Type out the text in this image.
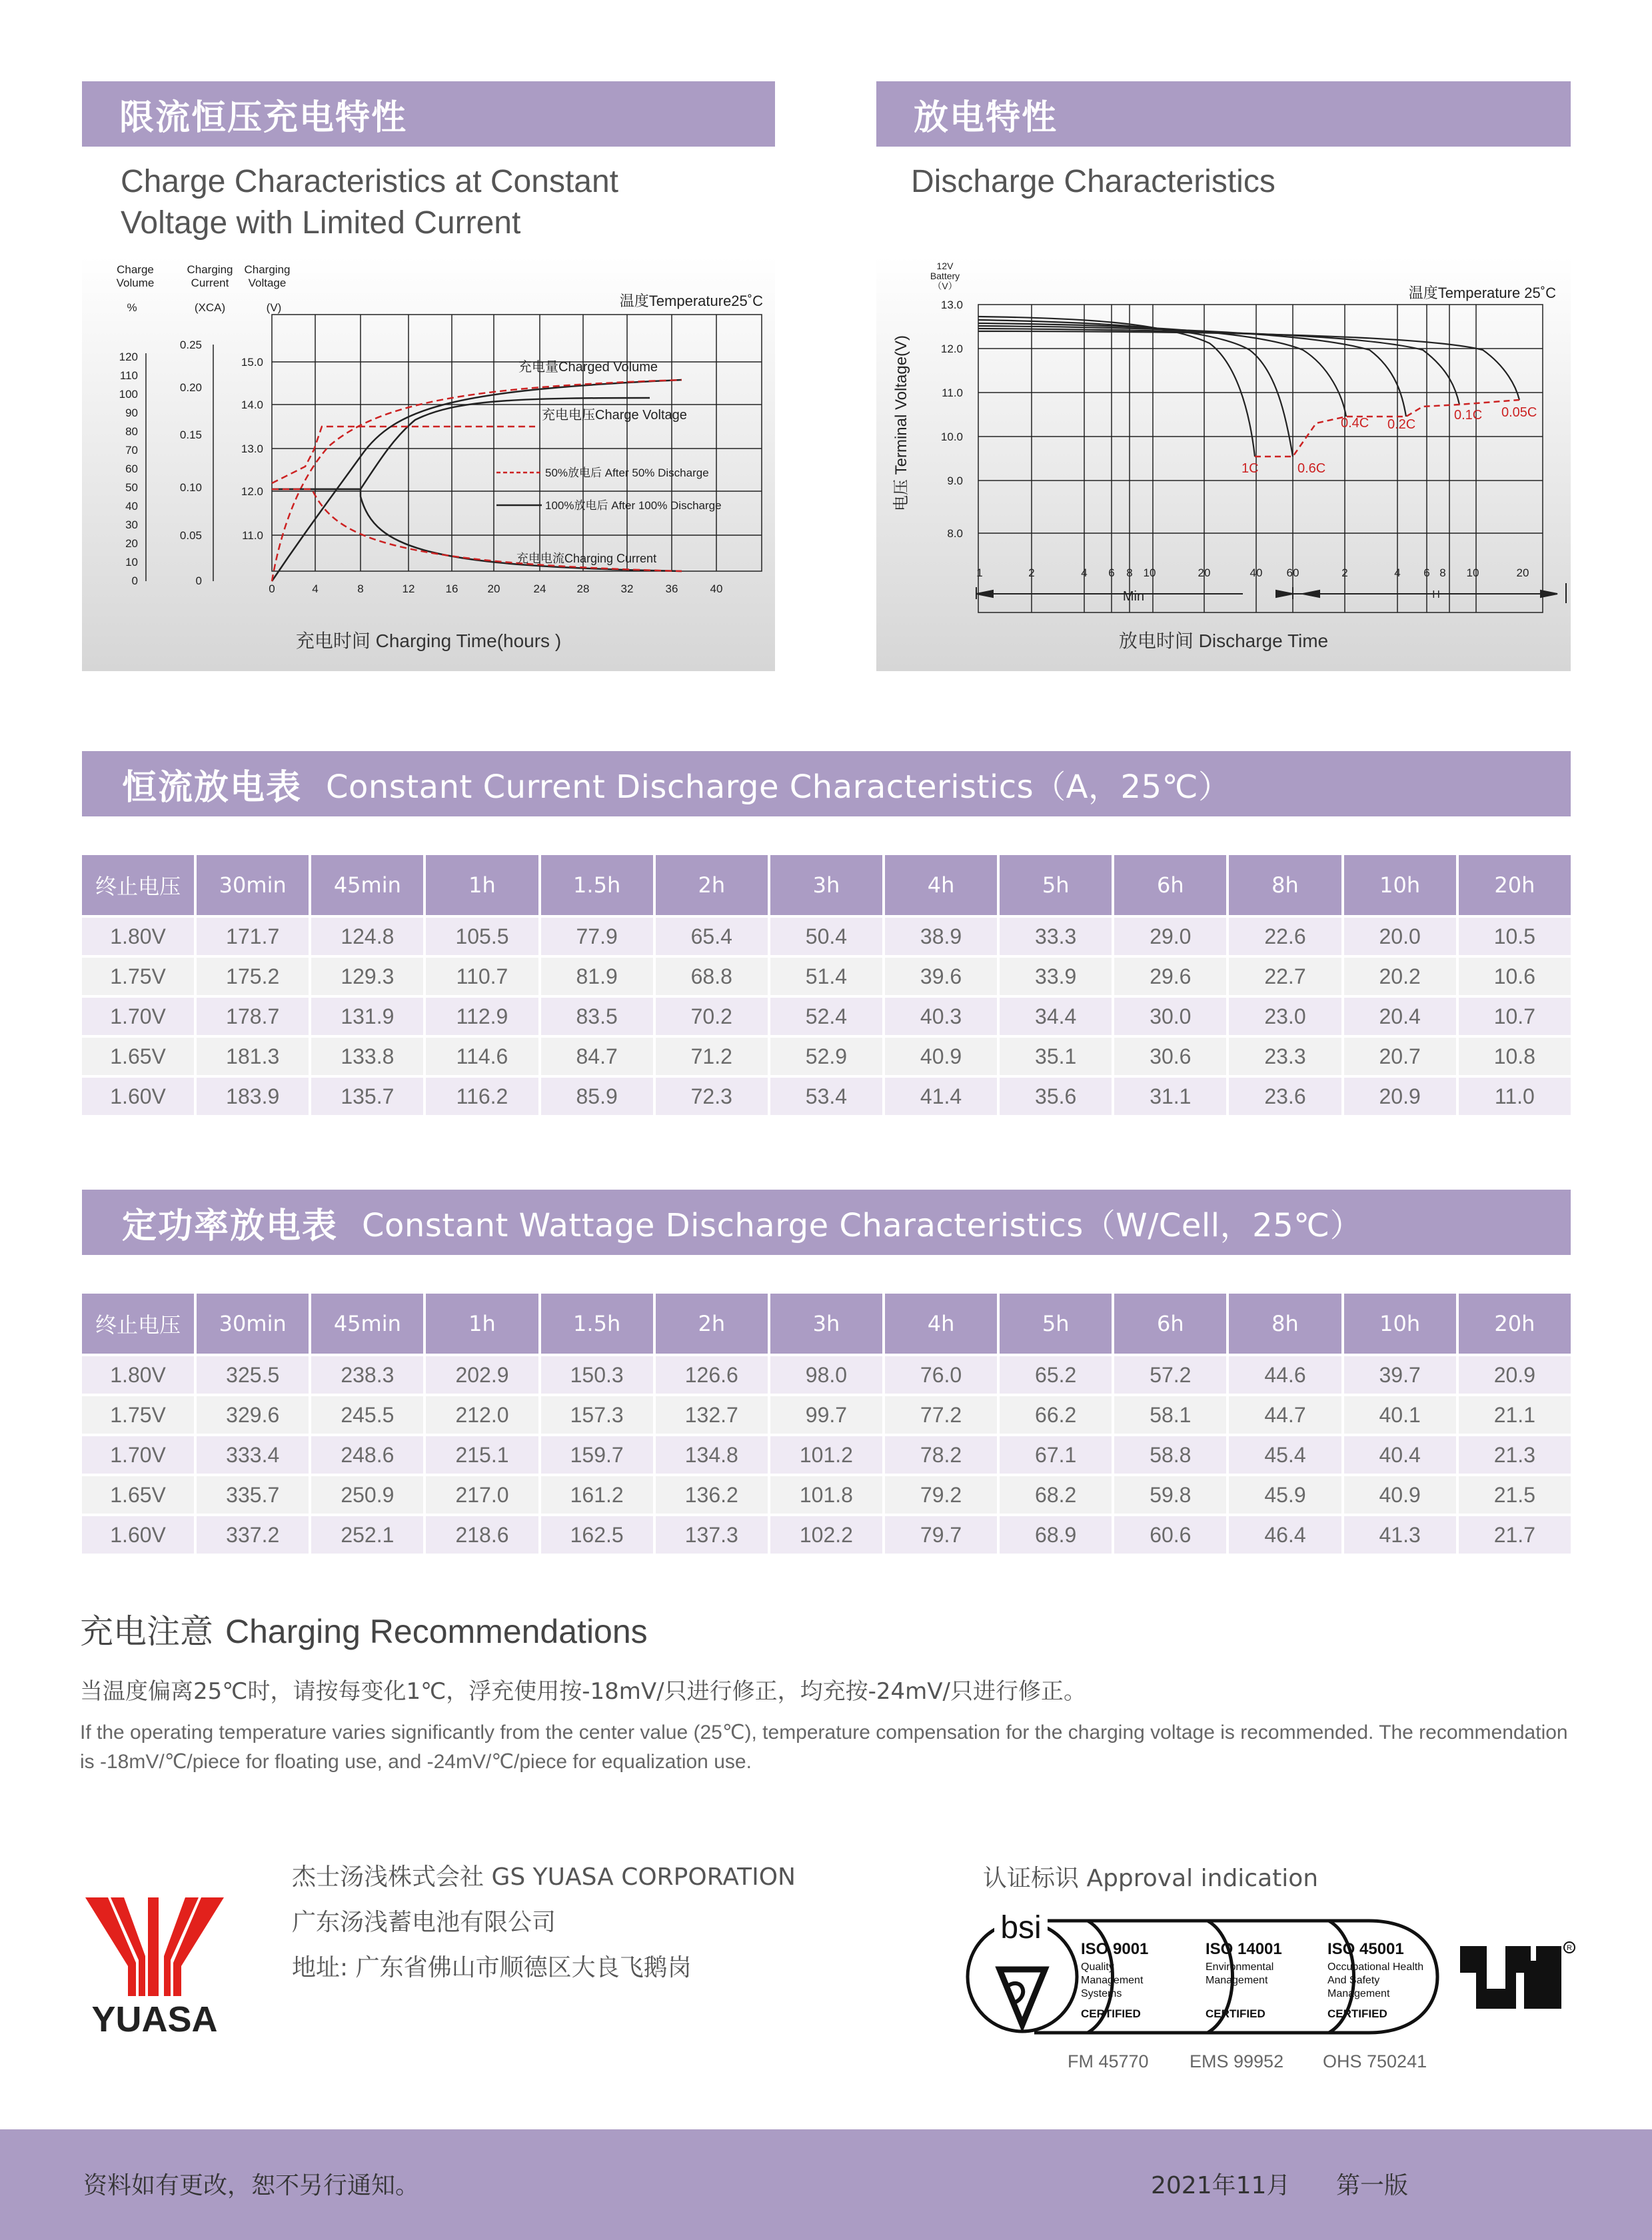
限流恒压充电特性	放电特性
Charge Characteristics at Constant
Voltage with Limited Current
Discharge Characteristics
Charge
Volume
Charging
Current
Charging
Voltage
%	(XCA)	(V)	温度Temperature25˚C
120
110
100
90
80
70
60
50
40
30
20
10
0
0.25
0.20
0.15
0.10
0.05
0
15.0
14.0
13.0
12.0
11.0
0	4	8	12	16	20	24	28	32	36	40
充电量Charged Volume
充电电压Charge Voltage
50%放电后 After 50% Discharge
100%放电后 After 100% Discharge
充电电流Charging Current
充电时间 Charging Time(hours )
12V
Battery
（V）	温度Temperature 25˚C
电压 Terminal Voltage(V)
13.0
12.0
11.0
10.0
9.0
8.0
1	2	4 6 8 10	20	40 60	2	4 6 8 10	20
Min	H
1C	0.6C
0.4C 0.2C
0.1C 0.05C
放电时间 Discharge Time
恒流放电表 Constant Current Discharge Characteristics（A，25℃）
终止电压	30min	45min	1h	1.5h	2h	3h	4h	5h	6h	8h	10h	20h
1.80V	171.7	124.8	105.5	77.9	65.4	50.4	38.9	33.3	29.0	22.6	20.0	10.5
1.75V	175.2	129.3	110.7	81.9	68.8	51.4	39.6	33.9	29.6	22.7	20.2	10.6
1.70V	178.7	131.9	112.9	83.5	70.2	52.4	40.3	34.4	30.0	23.0	20.4	10.7
1.65V	181.3	133.8	114.6	84.7	71.2	52.9	40.9	35.1	30.6	23.3	20.7	10.8
1.60V	183.9	135.7	116.2	85.9	72.3	53.4	41.4	35.6	31.1	23.6	20.9	11.0
定功率放电表 Constant Wattage Discharge Characteristics（W/Cell，25℃）
终止电压	30min	45min	1h	1.5h	2h	3h	4h	5h	6h	8h	10h	20h
1.80V	325.5	238.3	202.9	150.3	126.6	98.0	76.0	65.2	57.2	44.6	39.7	20.9
1.75V	329.6	245.5	212.0	157.3	132.7	99.7	77.2	66.2	58.1	44.7	40.1	21.1
1.70V	333.4	248.6	215.1	159.7	134.8	101.2	78.2	67.1	58.8	45.4	40.4	21.3
1.65V	335.7	250.9	217.0	161.2	136.2	101.8	79.2	68.2	59.8	45.9	40.9	21.5
1.60V	337.2	252.1	218.6	162.5	137.3	102.2	79.7	68.9	60.6	46.4	41.3	21.7
充电注意 Charging Recommendations
当温度偏离25℃时，请按每变化1℃，浮充使用按-18mV/只进行修正，均充按-24mV/只进行修正。
If the operating temperature varies significantly from the center value (25℃), temperature compensation for the charging voltage is recommended. The recommendation is -18mV/℃/piece for floating use, and -24mV/℃/piece for equalization use.
YUASA
杰士汤浅株式会社 GS YUASA CORPORATION
广东汤浅蓄电池有限公司
地址: 广东省佛山市顺德区大良飞鹅岗
认证标识 Approval indication
bsi
ISO 9001
Quality
Management
Systems
CERTIFIED
ISO 14001
Environmental
Management
CERTIFIED
ISO 45001
Occupational Health
And Safety
Management
CERTIFIED
R
FM 45770 EMS 99952 OHS 750241
资料如有更改，恕不另行通知。	2021年11月 第一版
